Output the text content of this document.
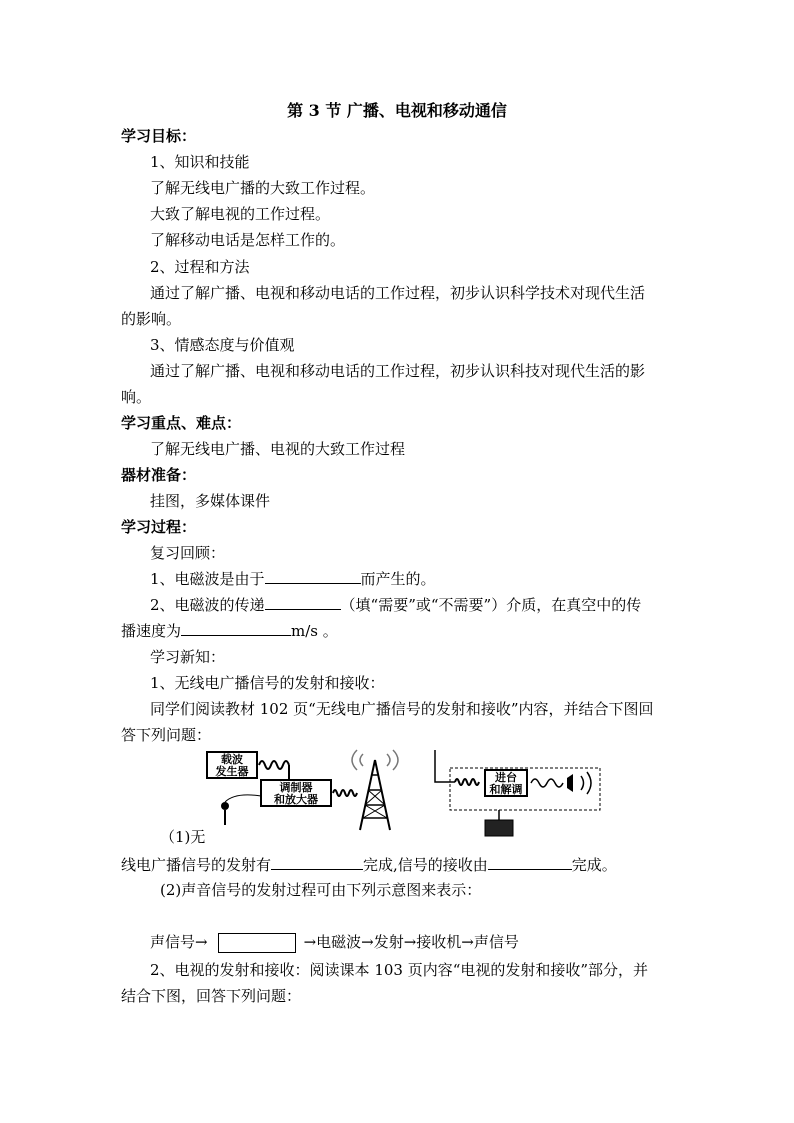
第 3 节 广播、电视和移动通信
学习目标：
1、知识和技能
了解无线电广播的大致工作过程。
大致了解电视的工作过程。
了解移动电话是怎样工作的。
2、过程和方法
通过了解广播、电视和移动电话的工作过程，初步认识科学技术对现代生活
的影响。
3、情感态度与价值观
通过了解广播、电视和移动电话的工作过程，初步认识科技对现代生活的影
响。
学习重点、难点：
了解无线电广播、电视的大致工作过程
器材准备：
挂图，多媒体课件
学习过程：
复习回顾：
1、电磁波是由于	而产生的。
2、电磁波的传递	（填“需要”或“不需要”）介质，在真空中的传
播速度为	m/s 。
学习新知：
1、无线电广播信号的发射和接收：
同学们阅读教材 102 页“无线电广播信号的发射和接收”内容，并结合下图回
答下列问题：
载波
发生器
调制器
和放大器
进台
和解调
（1)无
线电广播信号的发射有	完成,信号的接收由	完成。
(2)声音信号的发射过程可由下列示意图来表示：
声信号→	→电磁波→发射→接收机→声信号
2、电视的发射和接收：阅读课本 103 页内容“电视的发射和接收”部分，并
结合下图，回答下列问题：
